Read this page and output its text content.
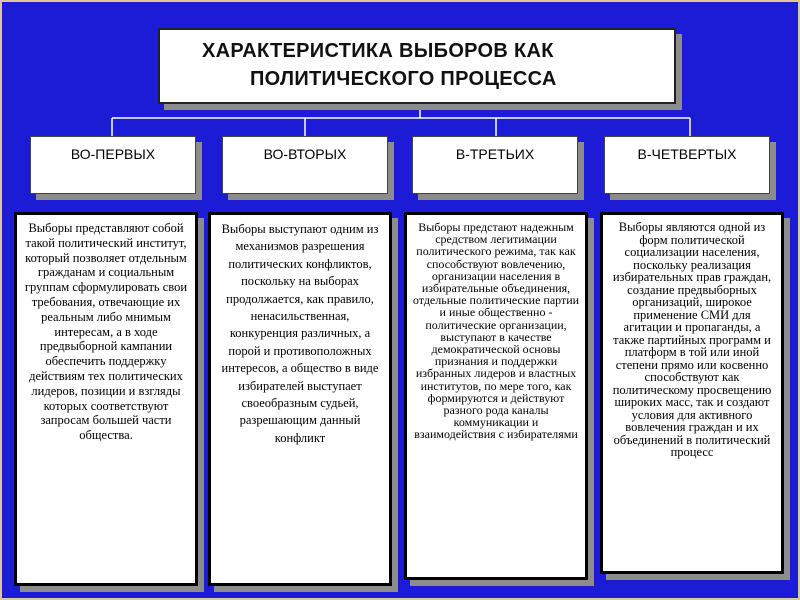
ХАРАКТЕРИСТИКА ВЫБОРОВ КАК
ПОЛИТИЧЕСКОГО ПРОЦЕССА
ВО-ПЕРВЫХ	ВО-ВТОРЫХ	В-ТРЕТЬИХ	В-ЧЕТВЕРТЫХ
Выборы представляют собой такой политический институт, который позволяет отдельным гражданам и социальным группам сформулировать свои требования, отвечающие их реальным либо мнимым интересам, а в ходе предвыборной кампании обеспечить поддержку действиям тех политических лидеров, позиции и взгляды которых соответствуют запросам большей части общества.
Выборы выступают одним из механизмов разрешения политических конфликтов, поскольку на выборах продолжается, как правило, ненасильственная, конкуренция различных, а порой и противоположных интересов, а общество в виде избирателей выступает своеобразным судьей, разрешающим данный конфликт
Выборы предстают надежным средством легитимации политического режима, так как способствуют вовлечению, организации населения в избирательные объединения, отдельные политические партии и иные общественно - политические организации, выступают в качестве демократической основы признания и поддержки избранных лидеров и властных институтов, по мере того, как формируются и действуют разного рода каналы коммуникации и взаимодействия с избирателями
Выборы являются одной из форм политической социализации населения, поскольку реализация избирательных прав граждан, создание предвыборных организаций, широкое применение СМИ для агитации и пропаганды, а также партийных программ и платформ в той или иной степени прямо или косвенно способствуют как политическому просвещению широких масс, так и создают условия для активного вовлечения граждан и их объединений в политический процесс
